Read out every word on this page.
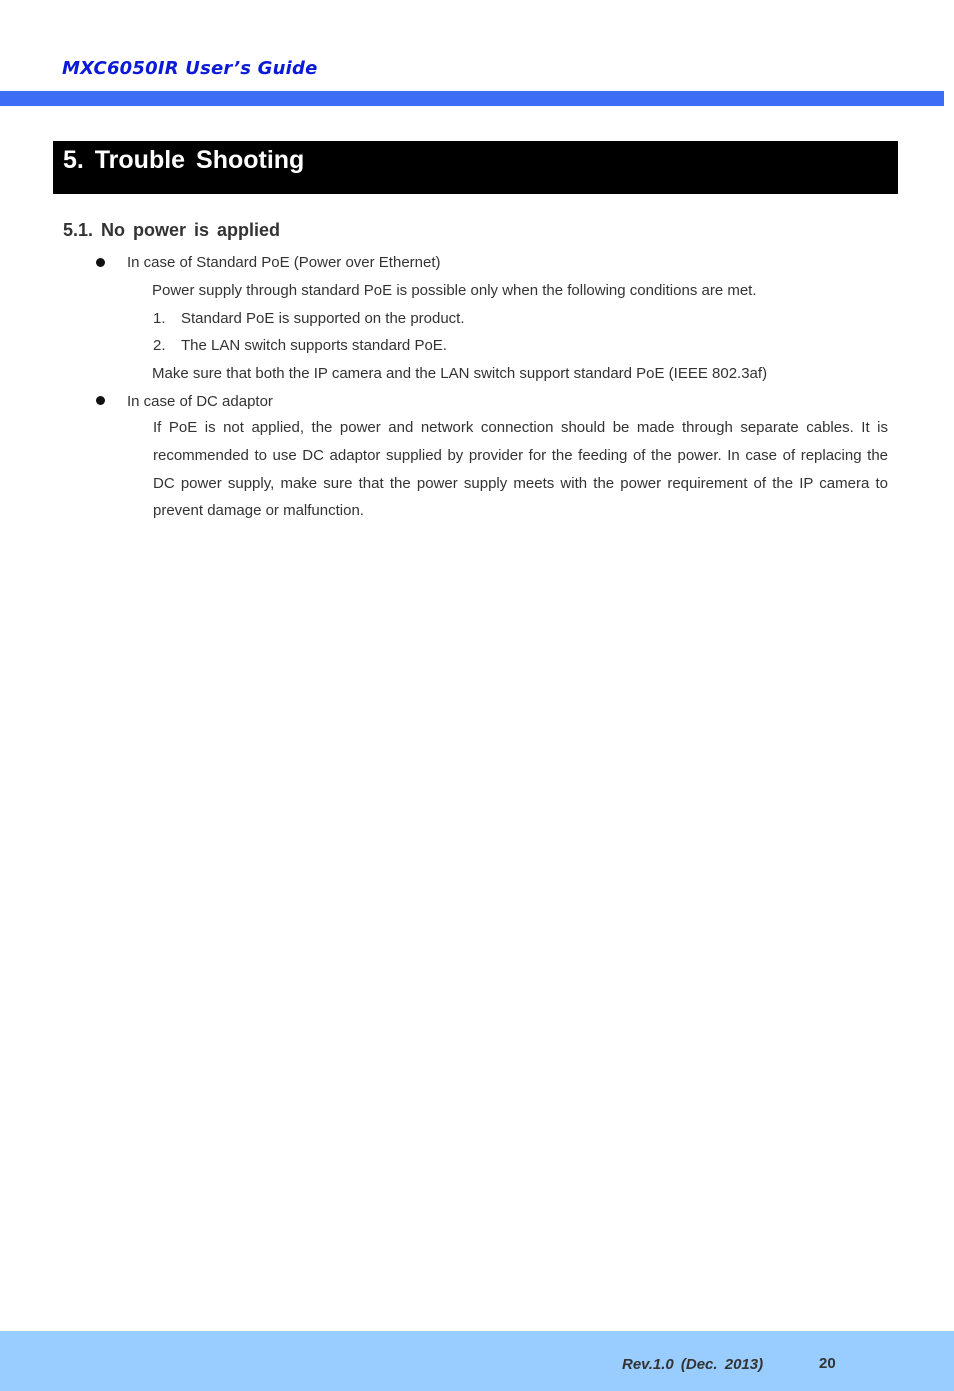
MXC6050IR User’s Guide
5. Trouble Shooting
5.1. No power is applied
In case of Standard PoE (Power over Ethernet)
Power supply through standard PoE is possible only when the following conditions are met.
1. Standard PoE is supported on the product.
2. The LAN switch supports standard PoE.
Make sure that both the IP camera and the LAN switch support standard PoE (IEEE 802.3af)
In case of DC adaptor
If PoE is not applied, the power and network connection should be made through separate cables. It is recommended to use DC adaptor supplied by provider for the feeding of the power. In case of replacing the DC power supply, make sure that the power supply meets with the power requirement of the IP camera to prevent damage or malfunction.
Rev.1.0 (Dec. 2013)	20
